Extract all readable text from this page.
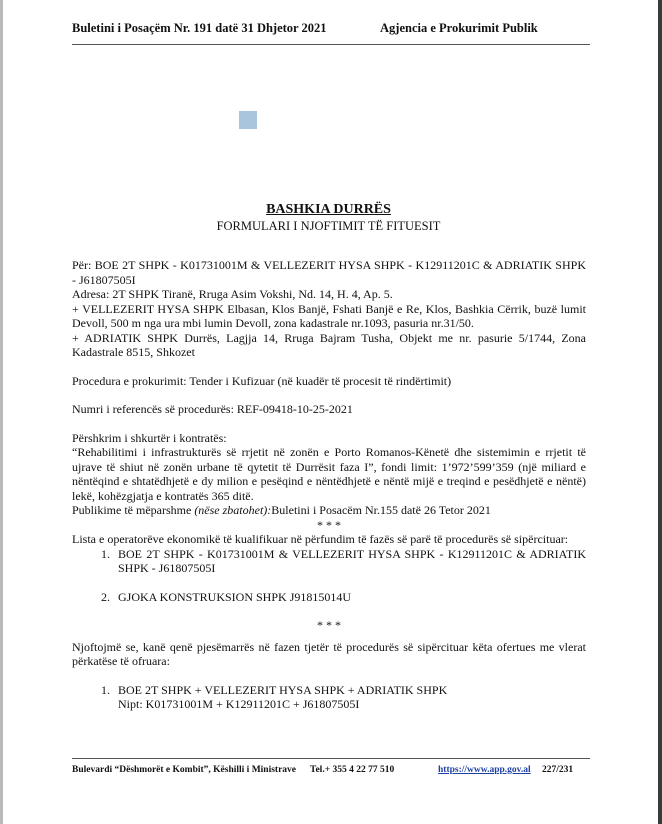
Buletini i Posaçëm Nr. 191 datë 31 Dhjetor 2021	Agjencia e Prokurimit Publik
BASHKIA DURRËS
FORMULARI I NJOFTIMIT TË FITUESIT

Për: BOE 2T SHPK - K01731001M & VELLEZERIT HYSA SHPK - K12911201C & ADRIATIK SHPK - J61807505I

Adresa: 2T SHPK Tiranë, Rruga Asim Vokshi, Nd. 14, H. 4, Ap. 5.

+ VELLEZERIT HYSA SHPK Elbasan, Klos Banjë, Fshati Banjë e Re, Klos, Bashkia Cërrik, buzë lumit Devoll, 500 m nga ura mbi lumin Devoll, zona kadastrale nr.1093, pasuria nr.31/50.

+ ADRIATIK SHPK Durrës, Lagjja 14, Rruga Bajram Tusha, Objekt me nr. pasurie 5/1744, Zona Kadastrale 8515, Shkozet

Procedura e prokurimit: Tender i Kufizuar (në kuadër të procesit të rindërtimit)

Numri i referencës së procedurës: REF-09418-10-25-2021

Përshkrim i shkurtër i kontratës:

“Rehabilitimi i infrastrukturës së rrjetit në zonën e Porto Romanos-Kënetë dhe sistemimin e rrjetit të ujrave të shiut në zonën urbane të qytetit të Durrësit faza I”, fondi limit: 1’972’599’359 (një miliard e nëntëqind e shtatëdhjetë e dy milion e pesëqind e nëntëdhjetë e nëntë mijë e treqind e pesëdhjetë e nëntë) lekë, kohëzgjatja e kontratës 365 ditë.

Publikime të mëparshme (nëse zbatohet):Buletini i Posacëm Nr.155 datë 26 Tetor 2021

* * *

Lista e operatorëve ekonomikë të kualifikuar në përfundim të fazës së parë të procedurës së sipërcituar:

1. BOE 2T SHPK - K01731001M & VELLEZERIT HYSA SHPK - K12911201C & ADRIATIK SHPK - J61807505I
2. GJOKA KONSTRUKSION SHPK J91815014U

* * *

Njoftojmë se, kanë qenë pjesëmarrës në fazen tjetër të procedurës së sipërcituar këta ofertues me vlerat përkatëse të ofruara:

1. BOE 2T SHPK + VELLEZERIT HYSA SHPK + ADRIATIK SHPK
Nipt: K01731001M + K12911201C + J61807505I
Bulevardi “Dëshmorët e Kombit”, Këshilli i Ministrave Tel.+ 355 4 22 77 510	https://www.app.gov.al 227/231
